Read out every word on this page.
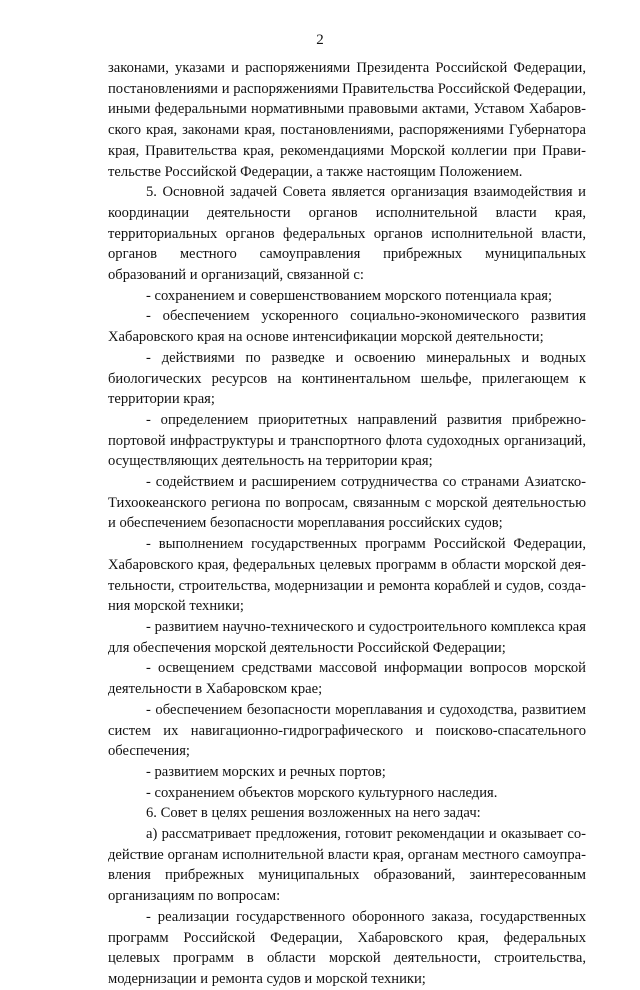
2

законами, указами и распоряжениями Президента Российской Федерации, постановлениями и распоряжениями Правительства Российской Федерации, иными федеральными нормативными правовыми актами, Уставом Хабаровского края, законами края, постановлениями, распоряжениями Губернатора края, Правительства края, рекомендациями Морской коллегии при Правительстве Российской Федерации, а также настоящим Положением.

5. Основной задачей Совета является организация взаимодействия и координации деятельности органов исполнительной власти края, территориальных органов федеральных органов исполнительной власти, органов местного самоуправления прибрежных муниципальных образований и организаций, связанной с:

- сохранением и совершенствованием морского потенциала края;

- обеспечением ускоренного социально-экономического развития Хабаровского края на основе интенсификации морской деятельности;

- действиями по разведке и освоению минеральных и водных биологических ресурсов на континентальном шельфе, прилегающем к территории края;

- определением приоритетных направлений развития прибрежно-портовой инфраструктуры и транспортного флота судоходных организаций, осуществляющих деятельность на территории края;

- содействием и расширением сотрудничества со странами Азиатско-Тихоокеанского региона по вопросам, связанным с морской деятельностью и обеспечением безопасности мореплавания российских судов;

- выполнением государственных программ Российской Федерации, Хабаровского края, федеральных целевых программ в области морской деятельности, строительства, модернизации и ремонта кораблей и судов, создания морской техники;

- развитием научно-технического и судостроительного комплекса края для обеспечения морской деятельности Российской Федерации;

- освещением средствами массовой информации вопросов морской деятельности в Хабаровском крае;

- обеспечением безопасности мореплавания и судоходства, развитием систем их навигационно-гидрографического и поисково-спасательного обеспечения;

- развитием морских и речных портов;

- сохранением объектов морского культурного наследия.

6. Совет в целях решения возложенных на него задач:

а) рассматривает предложения, готовит рекомендации и оказывает содействие органам исполнительной власти края, органам местного самоуправления прибрежных муниципальных образований, заинтересованным организациям по вопросам:

- реализации государственного оборонного заказа, государственных программ Российской Федерации, Хабаровского края, федеральных целевых программ в области морской деятельности, строительства, модернизации и ремонта судов и морской техники;
